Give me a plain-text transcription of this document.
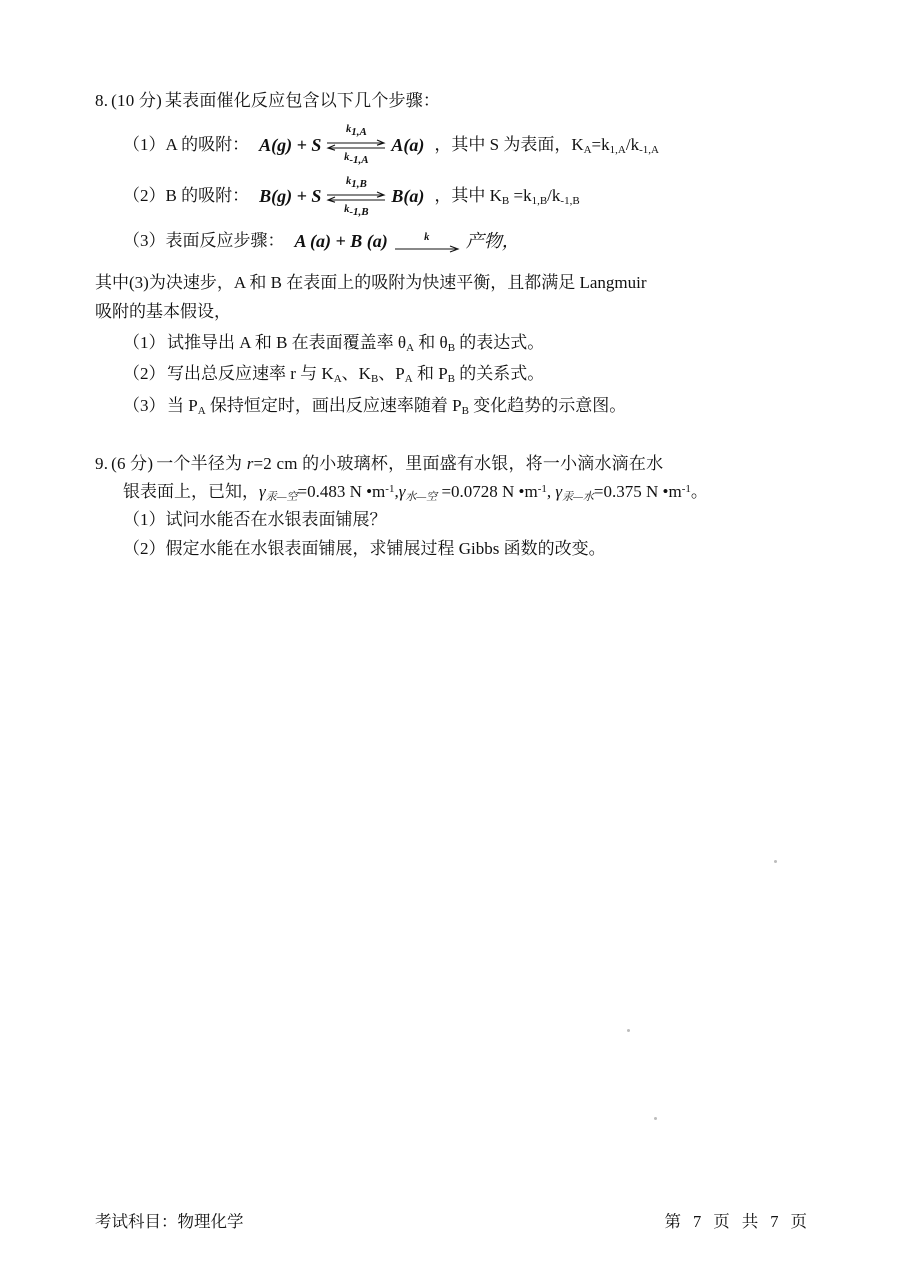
8. (10 分) 某表面催化反应包含以下几个步骤：
（1）A 的吸附： A(g) + S
$k_{1,A}$
$k_{-1,A}$
A(a) ，其中 S 为表面，$K_A=k_{1,A}/k_{-1,A}$
（2）B 的吸附： B(g) + S
$k_{1,B}$
$k_{-1,B}$
B(a) ，其中 $K_B =k_{1,B}/k_{-1,B}$
（3）表面反应步骤： A (a) + B (a)	k 产物，
其中(3)为决速步，A 和 B 在表面上的吸附为快速平衡，且都满足 Langmuir
吸附的基本假设，
（1）试推导出 A 和 B 在表面覆盖率 $\theta_A$ 和 $\theta_B$ 的表达式。
（2）写出总反应速率 r 与 $K_A$、$K_B$、$P_A$ 和 $P_B$ 的关系式。
（3）当 $P_A$ 保持恒定时，画出反应速率随着 $P_B$ 变化趋势的示意图。
9. (6 分) 一个半径为 r=2 cm 的小玻璃杯，里面盛有水银，将一小滴水滴在水
银表面上，已知，$\gamma_{汞—空}=0.483$ N $•m^{-1},\gamma_{水—空} =0.0728$ N $•m^{-1}$, $\gamma_{汞—水}=0.375$ N $•m^{-1}$。
（1）试问水能否在水银表面铺展？
（2）假定水能在水银表面铺展，求铺展过程 Gibbs 函数的改变。
考试科目：物理化学	第 7 页 共 7 页
